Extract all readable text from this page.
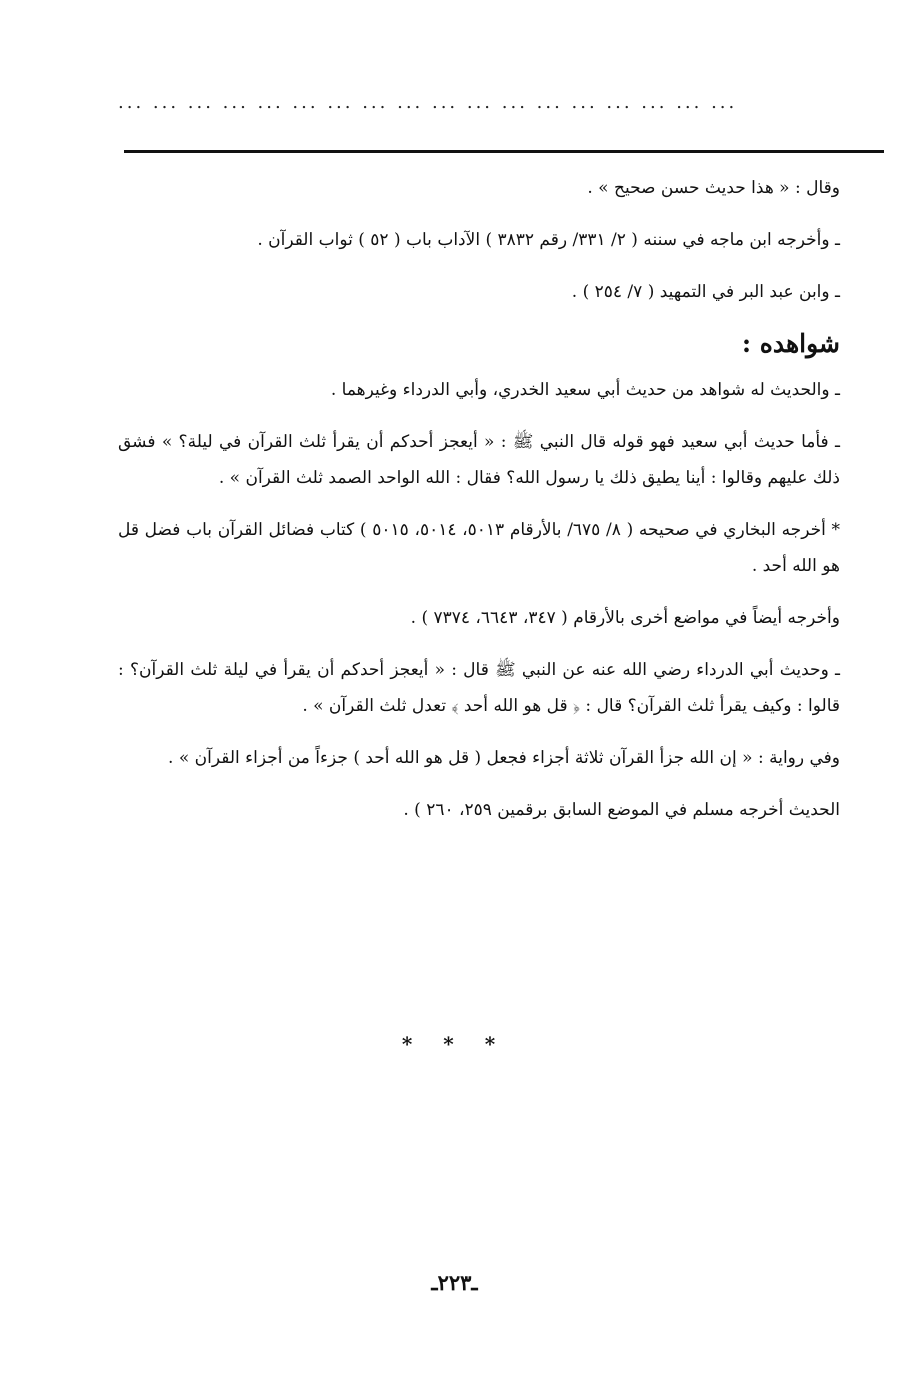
... ... ... ... ... ... ... ... ... ... ... ... ... ... ... ... ... ...

وقال : « هذا حديث حسن صحيح » .

ـ وأخرجه ابن ماجه في سننه ( ٢/ ٣٣١/ رقم ٣٨٣٢ ) الآداب باب ( ٥٢ ) ثواب القرآن .

ـ وابن عبد البر في التمهيد ( ٧/ ٢٥٤ ) .

شواهده :

ـ والحديث له شواهد من حديث أبي سعيد الخدري، وأبي الدرداء وغيرهما .

ـ فأما حديث أبي سعيد فهو قوله قال النبي ﷺ : « أيعجز أحدكم أن يقرأ ثلث القرآن في ليلة؟ » فشق ذلك عليهم وقالوا : أينا يطيق ذلك يا رسول الله؟ فقال : الله الواحد الصمد ثلث القرآن » .

* أخرجه البخاري في صحيحه ( ٨/ ٦٧٥/ بالأرقام ٥٠١٣، ٥٠١٤، ٥٠١٥ ) كتاب فضائل القرآن باب فضل قل هو الله أحد .

وأخرجه أيضاً في مواضع أخرى بالأرقام ( ٣٤٧، ٦٦٤٣، ٧٣٧٤ ) .

ـ وحديث أبي الدرداء رضي الله عنه عن النبي ﷺ قال : « أيعجز أحدكم أن يقرأ في ليلة ثلث القرآن؟ : قالوا : وكيف يقرأ ثلث القرآن؟ قال : ﴿ قل هو الله أحد ﴾ تعدل ثلث القرآن » .

وفي رواية : « إن الله جزأ القرآن ثلاثة أجزاء فجعل ( قل هو الله أحد ) جزءاً من أجزاء القرآن » .

الحديث أخرجه مسلم في الموضع السابق برقمين ٢٥٩، ٢٦٠ ) .

* * *
ـ٢٢٣ـ
